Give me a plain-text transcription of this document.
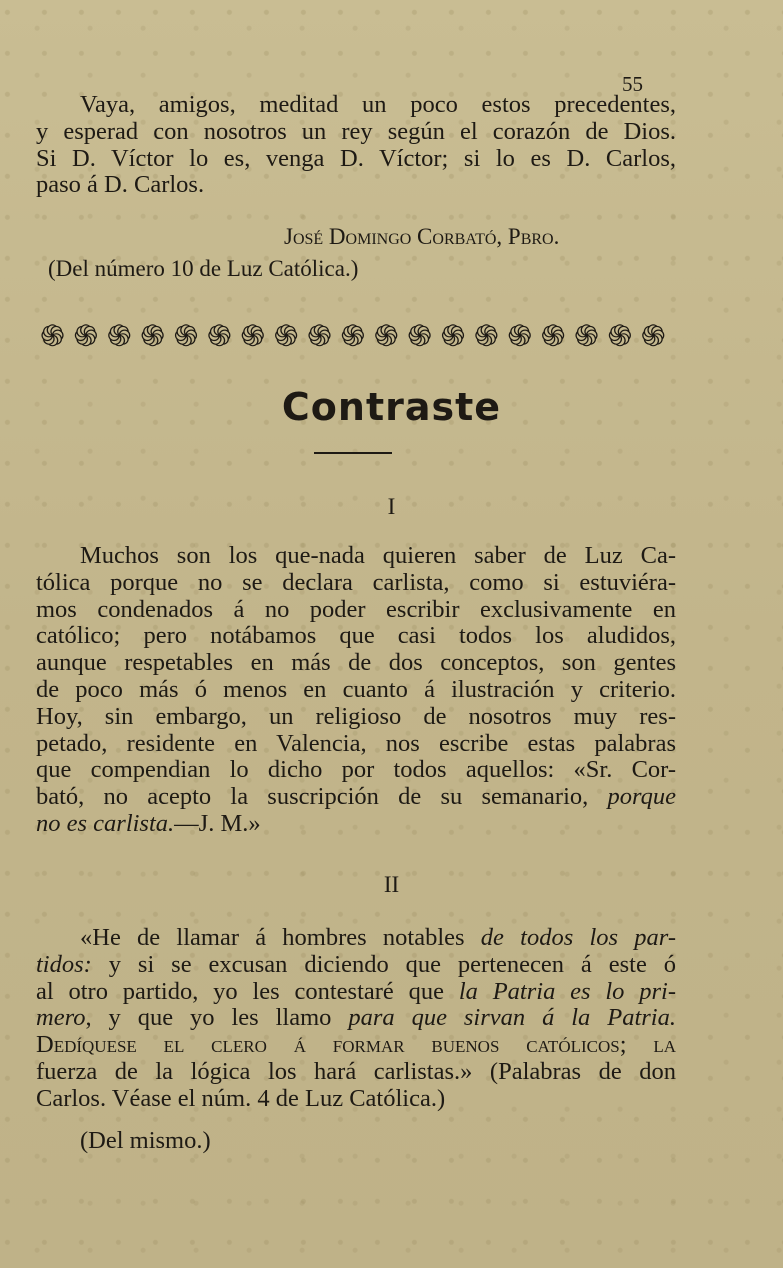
55
Vaya, amigos, meditad un poco estos precedentes,
y esperad con nosotros un rey según el corazón de Dios.
Si D. Víctor lo es, venga D. Víctor; si lo es D. Carlos,
paso á D. Carlos.
José Domingo Corbató, Pbro.
(Del número 10 de Luz Católica.)
֍ ֍ ֍ ֍ ֍ ֍ ֍ ֍ ֍ ֍ ֍ ֍ ֍ ֍ ֍ ֍ ֍ ֍ ֍
Contraste
I
Muchos son los que-nada quieren saber de Luz Ca-
tólica porque no se declara carlista, como si estuviéra-
mos condenados á no poder escribir exclusivamente en
católico; pero notábamos que casi todos los aludidos,
aunque respetables en más de dos conceptos, son gentes
de poco más ó menos en cuanto á ilustración y criterio.
Hoy, sin embargo, un religioso de nosotros muy res-
petado, residente en Valencia, nos escribe estas palabras
que compendian lo dicho por todos aquellos: «Sr. Cor-
bató, no acepto la suscripción de su semanario, porque
no es carlista.—J. M.»
II
«He de llamar á hombres notables de todos los par-
tidos: y si se excusan diciendo que pertenecen á este ó
al otro partido, yo les contestaré que la Patria es lo pri-
mero, y que yo les llamo para que sirvan á la Patria.
Dedíquese el clero á formar buenos católicos; la
fuerza de la lógica los hará carlistas.» (Palabras de don
Carlos. Véase el núm. 4 de Luz Católica.)
(Del mismo.)
